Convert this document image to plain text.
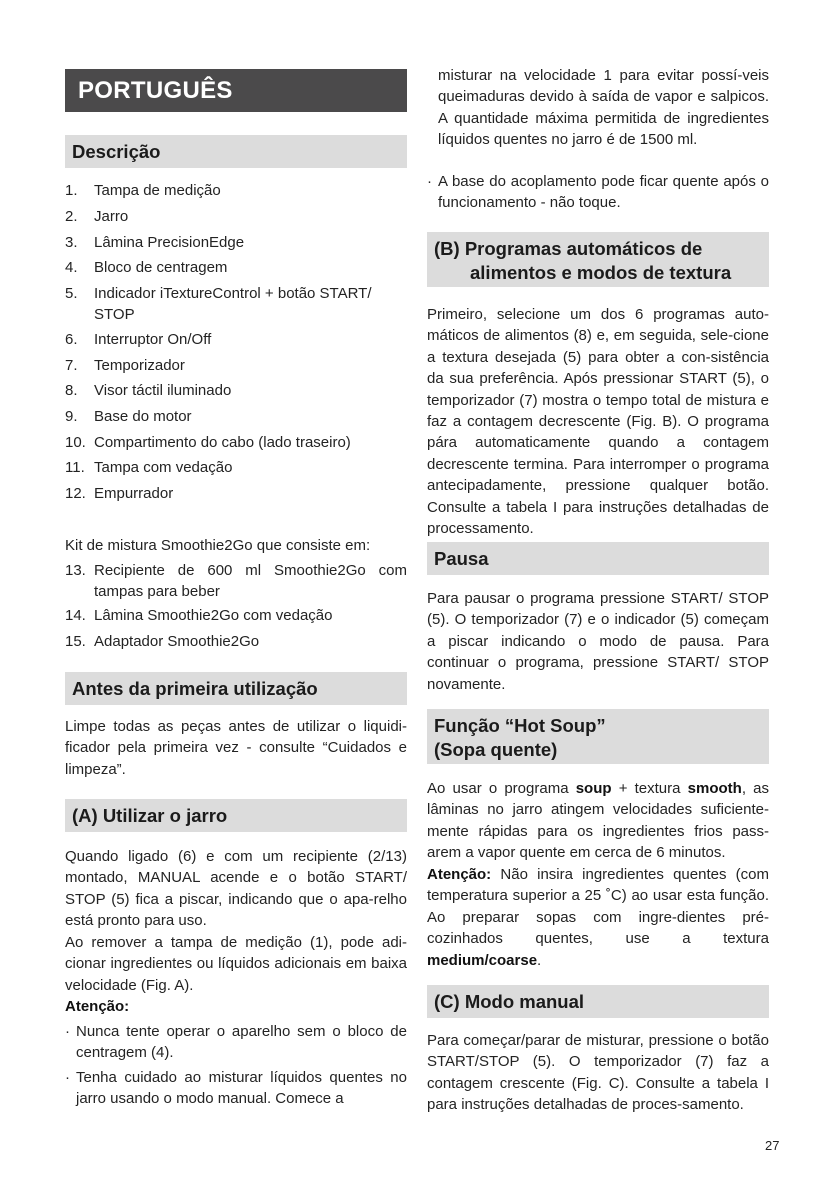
PORTUGUÊS
Descrição
1.	Tampa de medição
2.	Jarro
3.	Lâmina PrecisionEdge
4.	Bloco de centragem
5.	Indicador iTextureControl + botão START/ STOP
6.	Interruptor On/Off
7.	Temporizador
8.	Visor táctil iluminado
9.	Base do motor
10. Compartimento do cabo (lado traseiro)
11. Tampa com vedação
12. Empurrador
Kit de mistura Smoothie2Go que consiste em:
13. Recipiente de 600 ml Smoothie2Go com tampas para beber
14. Lâmina Smoothie2Go com vedação
15. Adaptador Smoothie2Go
Antes da primeira utilização
Limpe todas as peças antes de utilizar o liquidi-ficador pela primeira vez - consulte “Cuidados e limpeza”.
(A) Utilizar o jarro
Quando ligado (6) e com um recipiente (2/13) montado, MANUAL acende e o botão START/ STOP (5) fica a piscar, indicando que o apa-relho está pronto para uso.
Ao remover a tampa de medição (1), pode adi-cionar ingredientes ou líquidos adicionais em baixa velocidade (Fig. A).
Atenção:
· Nunca tente operar o aparelho sem o bloco de centragem (4).
· Tenha cuidado ao misturar líquidos quentes no jarro usando o modo manual. Comece a
misturar na velocidade 1 para evitar possí-veis queimaduras devido à saída de vapor e salpicos. A quantidade máxima permitida de ingredientes líquidos quentes no jarro é de 1500 ml.
· A base do acoplamento pode ficar quente após o funcionamento - não toque.
(B) Programas automáticos de
alimentos e modos de textura
Primeiro, selecione um dos 6 programas auto-máticos de alimentos (8) e, em seguida, sele-cione a textura desejada (5) para obter a con-sistência da sua preferência. Após pressionar START (5), o temporizador (7) mostra o tempo total de mistura e faz a contagem decrescente (Fig. B). O programa pára automaticamente quando a contagem decrescente termina. Para interromper o programa antecipadamente, pressione qualquer botão. Consulte a tabela I para instruções detalhadas de processamento.
Pausa
Para pausar o programa pressione START/ STOP (5). O temporizador (7) e o indicador (5) começam a piscar indicando o modo de pausa. Para continuar o programa, pressione START/ STOP novamente.
Função “Hot Soup”
(Sopa quente)
Ao usar o programa soup + textura smooth, as lâminas no jarro atingem velocidades suficiente-mente rápidas para os ingredientes frios pass-arem a vapor quente em cerca de 6 minutos.
Atenção: Não insira ingredientes quentes (com temperatura superior a 25 ˚C) ao usar esta função. Ao preparar sopas com ingre-dientes pré-cozinhados quentes, use a textura medium/coarse.
(C) Modo manual
Para começar/parar de misturar, pressione o botão START/STOP (5). O temporizador (7) faz a contagem crescente (Fig. C). Consulte a tabela I para instruções detalhadas de proces-samento.
27
